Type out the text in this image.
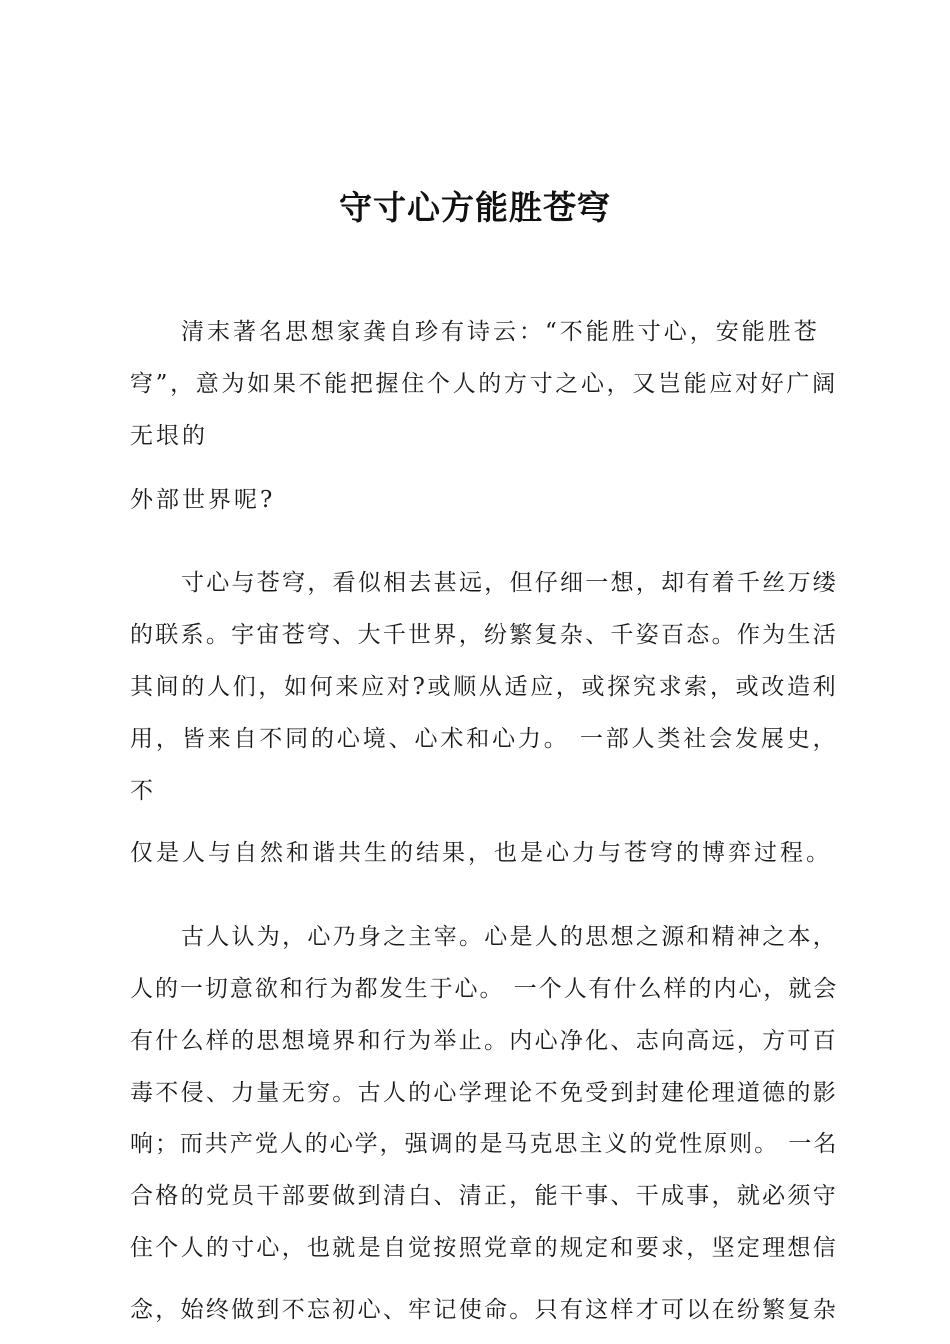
守寸心方能胜苍穹
清末著名思想家龚自珍有诗云：“不能胜寸心，安能胜苍
穹”，意为如果不能把握住个人的方寸之心，又岂能应对好广阔
无垠的
外部世界呢?
寸心与苍穹，看似相去甚远，但仔细一想，却有着千丝万缕
的联系。宇宙苍穹、大千世界，纷繁复杂、千姿百态。作为生活
其间的人们，如何来应对?或顺从适应，或探究求索，或改造利
用，皆来自不同的心境、心术和心力。 一部人类社会发展史，
不
仅是人与自然和谐共生的结果，也是心力与苍穹的博弈过程。
古人认为，心乃身之主宰。心是人的思想之源和精神之本，
人的一切意欲和行为都发生于心。 一个人有什么样的内心，就会
有什么样的思想境界和行为举止。内心净化、志向高远，方可百
毒不侵、力量无穷。古人的心学理论不免受到封建伦理道德的影
响；而共产党人的心学，强调的是马克思主义的党性原则。 一名
合格的党员干部要做到清白、清正，能干事、干成事，就必须守
住个人的寸心，也就是自觉按照党章的规定和要求，坚定理想信
念，始终做到不忘初心、牢记使命。只有这样才可以在纷繁复杂
